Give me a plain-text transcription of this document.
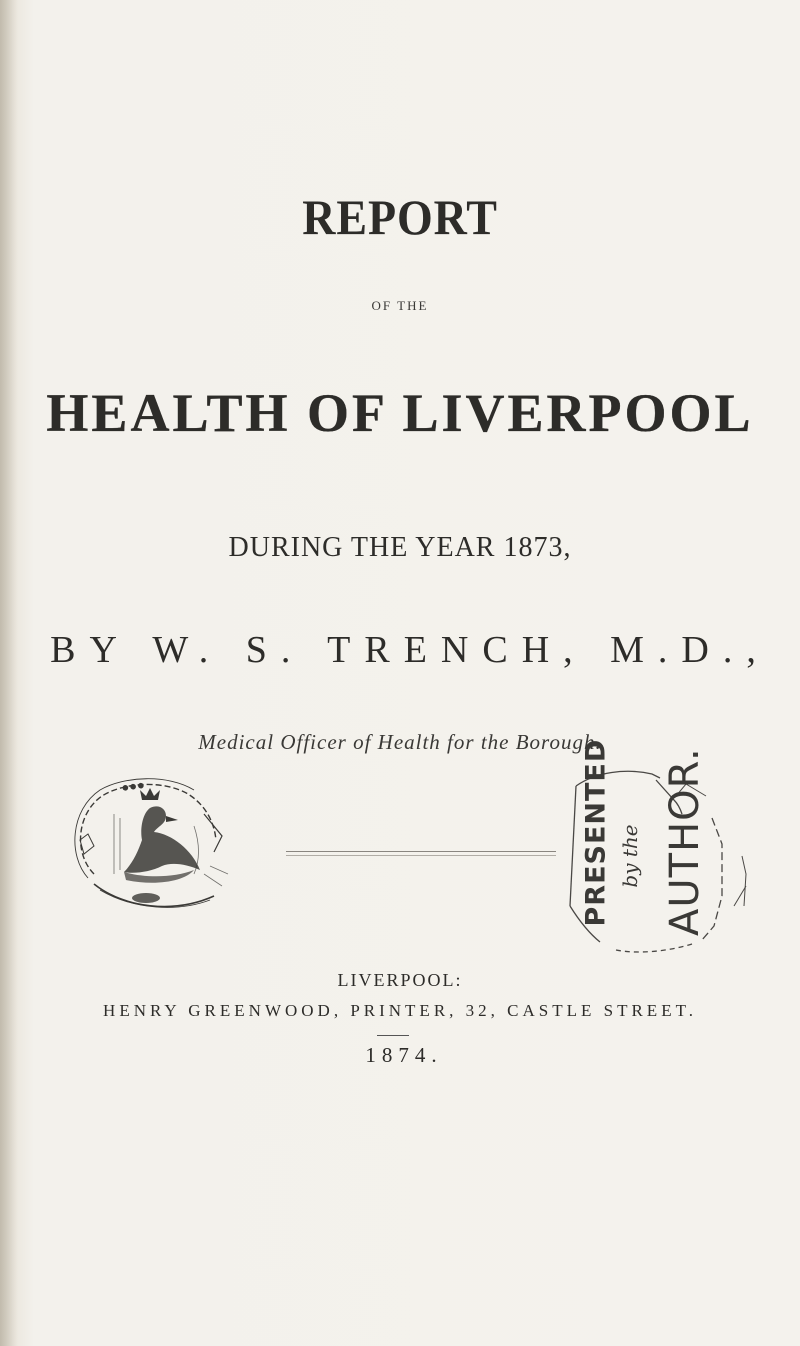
REPORT
OF THE
HEALTH OF LIVERPOOL
DURING THE YEAR 1873,
BY W. S. TRENCH, M.D.,
Medical Officer of Health for the Borough.
●●●	PRESENTED by the AUTHOR.
LIVERPOOL:
HENRY GREENWOOD, PRINTER, 32, CASTLE STREET.
1874.
